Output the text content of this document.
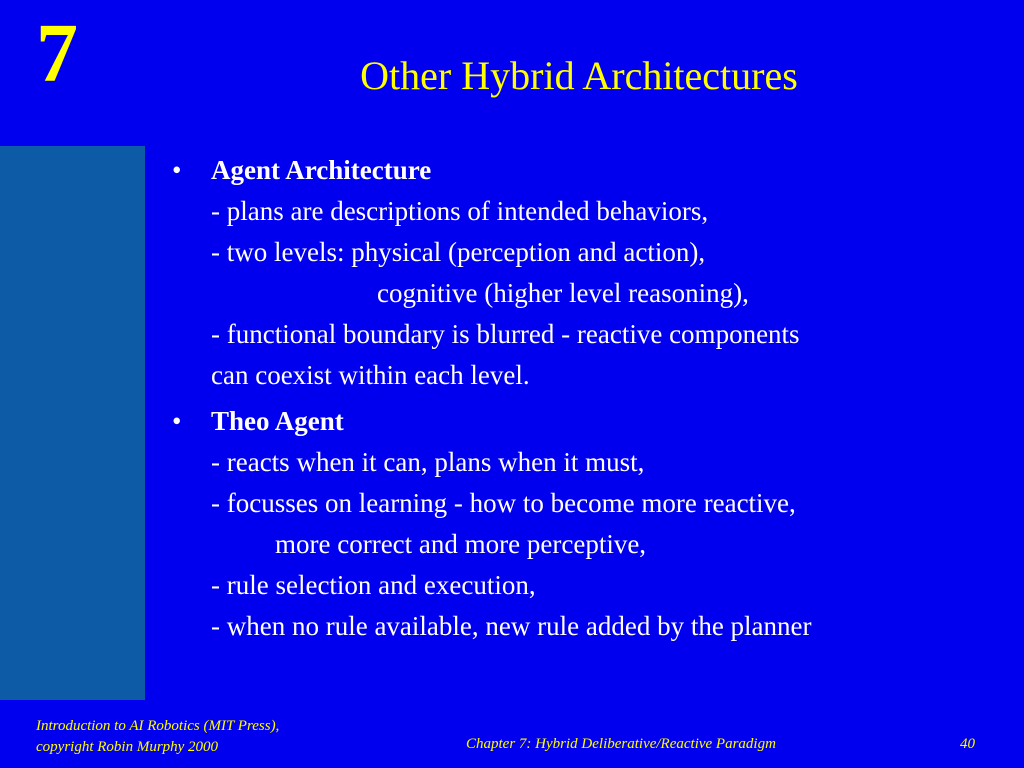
7	Other Hybrid Architectures
• Agent Architecture
- plans are descriptions of intended behaviors,
- two levels: physical (perception and action),
cognitive (higher level reasoning),
- functional boundary is blurred - reactive components
can coexist within each level.
• Theo Agent
- reacts when it can, plans when it must,
- focusses on learning - how to become more reactive,
more correct and more perceptive,
- rule selection and execution,
- when no rule available, new rule added by the planner
Introduction to AI Robotics (MIT Press),
copyright Robin Murphy 2000	Chapter 7: Hybrid Deliberative/Reactive Paradigm	40
